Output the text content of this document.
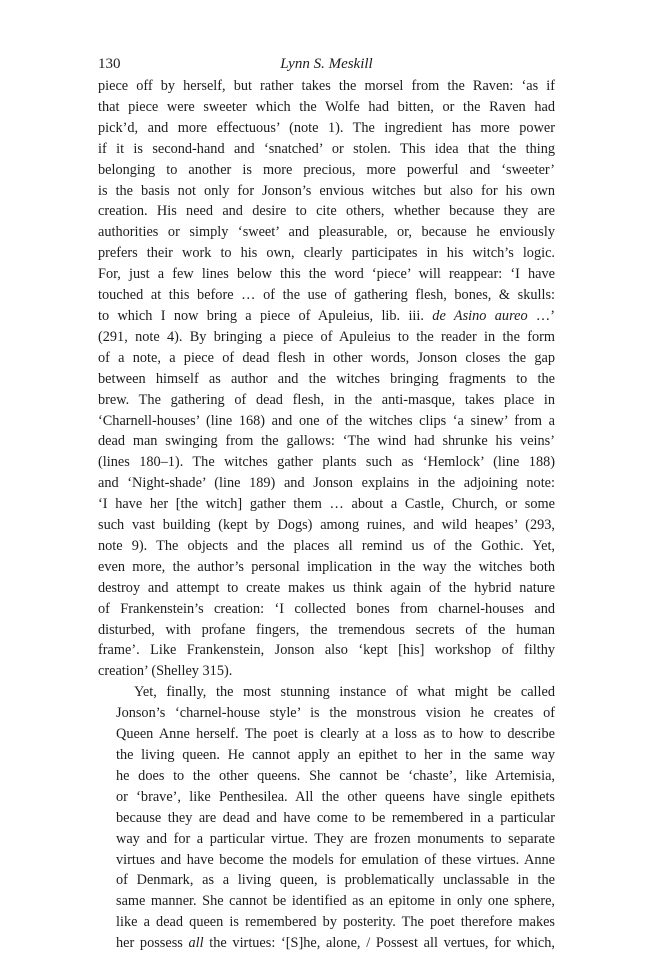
130	Lynn S. Meskill
piece off by herself, but rather takes the morsel from the Raven: ‘as if
that piece were sweeter which the Wolfe had bitten, or the Raven had
pick’d, and more effectuous’ (note 1). The ingredient has more power
if it is second-hand and ‘snatched’ or stolen. This idea that the thing
belonging to another is more precious, more powerful and ‘sweeter’
is the basis not only for Jonson’s envious witches but also for his own
creation. His need and desire to cite others, whether because they are
authorities or simply ‘sweet’ and pleasurable, or, because he enviously
prefers their work to his own, clearly participates in his witch’s logic.
For, just a few lines below this the word ‘piece’ will reappear: ‘I have
touched at this before … of the use of gathering flesh, bones, & skulls:
to which I now bring a piece of Apuleius, lib. iii. de Asino aureo …’
(291, note 4). By bringing a piece of Apuleius to the reader in the form
of a note, a piece of dead flesh in other words, Jonson closes the gap
between himself as author and the witches bringing fragments to the
brew. The gathering of dead flesh, in the anti-masque, takes place in
‘Charnell-houses’ (line 168) and one of the witches clips ‘a sinew’ from a
dead man swinging from the gallows: ‘The wind had shrunke his veins’
(lines 180–1). The witches gather plants such as ‘Hemlock’ (line 188)
and ‘Night-shade’ (line 189) and Jonson explains in the adjoining note:
‘I have her [the witch] gather them … about a Castle, Church, or some
such vast building (kept by Dogs) among ruines, and wild heapes’ (293,
note 9). The objects and the places all remind us of the Gothic. Yet,
even more, the author’s personal implication in the way the witches both
destroy and attempt to create makes us think again of the hybrid nature
of Frankenstein’s creation: ‘I collected bones from charnel-houses and
disturbed, with profane fingers, the tremendous secrets of the human
frame’. Like Frankenstein, Jonson also ‘kept [his] workshop of filthy
creation’ (Shelley 315).
Yet, finally, the most stunning instance of what might be called
Jonson’s ‘charnel-house style’ is the monstrous vision he creates of
Queen Anne herself. The poet is clearly at a loss as to how to describe
the living queen. He cannot apply an epithet to her in the same way
he does to the other queens. She cannot be ‘chaste’, like Artemisia,
or ‘brave’, like Penthesilea. All the other queens have single epithets
because they are dead and have come to be remembered in a particular
way and for a particular virtue. They are frozen monuments to separate
virtues and have become the models for emulation of these virtues. Anne
of Denmark, as a living queen, is problematically unclassable in the
same manner. She cannot be identified as an epitome in only one sphere,
like a dead queen is remembered by posterity. The poet therefore makes
her possess all the virtues: ‘[S]he, alone, / Possest all vertues, for which,
